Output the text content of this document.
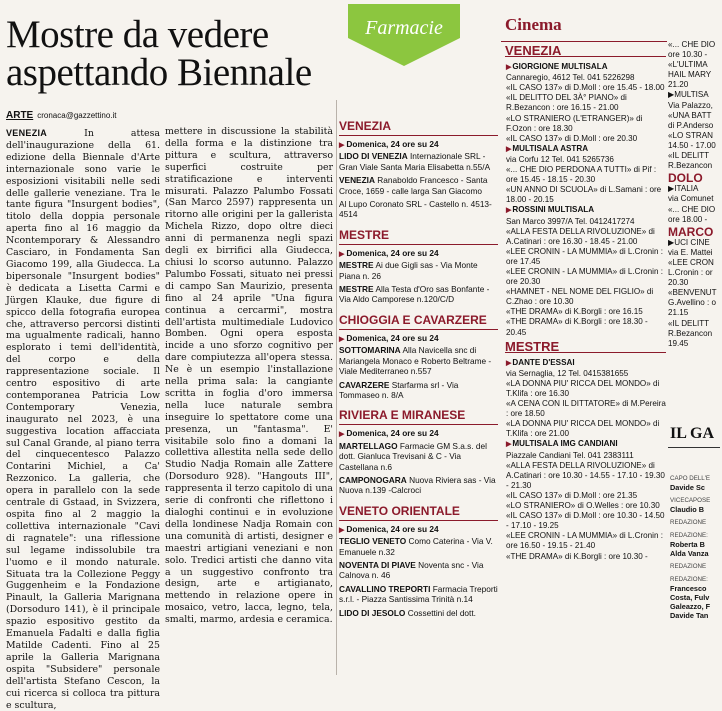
Mostre da vedere aspettando Biennale
ARTE cronaca@gazzettino.it
VENEZIA	In attesa dell'inaugurazione della 61. edizione della Biennale d'Arte internazionale sono varie le esposizioni visitabili nelle sedi delle gallerie veneziane. Tra le tante figura "Insurgent bodies", titolo della doppia personale aperta fino al 16 maggio da Ncontemporary & Alessandro Casciaro, in Fondamenta San Giacomo 199, alla Giudecca. La bipersonale "Insurgent bodies" è dedicata a Lisetta Carmi e Jürgen Klauke, due figure di spicco della fotografia europea che, attraverso percorsi distinti ma ugualmente radicali, hanno esplorato i temi dell'identità, del corpo e della rappresentazione sociale. Il centro espositivo di arte contemporanea Patricia Low Contemporary Venezia, inaugurato nel 2023, è una suggestiva location affacciata sul Canal Grande, al piano terra del cinquecentesco Palazzo Contarini Michiel, a Ca' Rezzonico. La galleria, che opera in parallelo con la sede centrale di Gstaad, in Svizzera, ospita fino al 2 maggio la collettiva internazionale "Cavi di ragnatele": una riflessione sul legame indissolubile tra l'uomo e il mondo naturale. Situata tra la Collezione Peggy Guggenheim e la Fondazione Pinault, la Galleria Marignana (Dorsoduro 141), è il principale spazio espositivo gestito da Emanuela Fadalti e dalla figlia Matilde Cadenti. Fino al 25 aprile la Galleria Marignana ospita "Subsidere" personale dell'artista Stefano Cescon, la cui ricerca si colloca tra pittura e scultura,
mettere in discussione la stabilità della forma e la distinzione tra pittura e scultura, attraverso superfici costruite per stratificazione e interventi misurati. Palazzo Palumbo Fossati (San Marco 2597) rappresenta un ritorno alle origini per la gallerista Michela Rizzo, dopo oltre dieci anni di permanenza negli spazi degli ex birrifici alla Giudecca, chiusi lo scorso autunno. Palazzo Palumbo Fossati, situato nei pressi di campo San Maurizio, presenta fino al 24 aprile "Una figura continua a cercarmi", mostra dell'artista multimediale Ludovico Bomben. Ogni opera esposta incide a uno sforzo cognitivo per dare compiutezza all'opera stessa. Ne è un esempio l'installazione nella prima sala: la cangiante scritta in foglia d'oro immersa nella luce naturale sembra inseguire lo spettatore come una presenza, un "fantasma". E' visitabile solo fino a domani la collettiva allestita nella sede dello Studio Nadja Romain alle Zattere (Dorsoduro 928). "Hangouts III", rappresenta il terzo capitolo di una serie di confronti che riflettono i dialoghi continui e in evoluzione della londinese Nadja Romain con una comunità di artisti, designer e maestri artigiani veneziani e non solo. Tredici artisti che danno vita a un suggestivo confronto tra design, arte e artigianato, mettendo in relazione opere in mosaico, vetro, lacca, legno, tela, smalti, marmo, ardesia e ceramica.
Farmacie
VENEZIA
▶ Domenica, 24 ore su 24

LIDO DI VENEZIA Internazionale SRL - Gran Viale Santa Maria Elisabetta n.55/A

VENEZIA Ranaboldo Francesco - Santa Croce, 1659 - calle larga San Giacomo

Al Lupo Coronato SRL - Castello n. 4513-4514

MESTRE
▶ Domenica, 24 ore su 24

MESTRE Ai due Gigli sas - Via Monte Piana n. 26

MESTRE Alla Testa d'Oro sas Bonfante - Via Aldo Camporese n.120/C/D

CHIOGGIA E CAVARZERE
▶ Domenica, 24 ore su 24

SOTTOMARINA Alla Navicella snc di Mariangela Monaco e Roberto Beltrame - Viale Mediterraneo n.557

CAVARZERE Starfarma srl - Via Tommaseo n. 8/A

RIVIERA E MIRANESE
▶ Domenica, 24 ore su 24

MARTELLAGO Farmacie GM S.a.s. del dott. Gianluca Trevisani & C - Via Castellana n.6

CAMPONOGARA Nuova Riviera sas - Via Nuova n.139 -Calcroci

VENETO ORIENTALE
▶ Domenica, 24 ore su 24

TEGLIO VENETO Como Caterina - Via V. Emanuele n.32

NOVENTA DI PIAVE Noventa snc - Via Calnova n. 46

CAVALLINO TREPORTI Farmacia Treporti s.r.l. - Piazza Santissima Trinità n.14

LIDO DI JESOLO Cossettini del dott.

Cinema
VENEZIA
▶ GIORGIONE MULTISALA
Cannaregio, 4612 Tel. 041 5226298
«IL CASO 137» di D.Moll : ore 15.45 - 18.00
«IL DELITTO DEL 3À° PIANO» di R.Bezancon : ore 16.15 - 21.00
«LO STRANIERO (L'ETRANGER)» di F.Ozon : ore 18.30
«IL CASO 137» di D.Moll : ore 20.30
▶ MULTISALA ASTRA
via Corfu 12 Tel. 041 5265736
«... CHE DIO PERDONA A TUTTI» di Pif : ore 15.45 - 18.15 - 20.30
«UN ANNO DI SCUOLA» di L.Samani : ore 18.00 - 20.15
▶ ROSSINI MULTISALA
San Marco 3997/A Tel. 0412417274
«ALLA FESTA DELLA RIVOLUZIONE» di A.Catinari : ore 16.30 - 18.45 - 21.00
«LEE CRONIN - LA MUMMIA» di L.Cronin : ore 17.45
«LEE CRONIN - LA MUMMIA» di L.Cronin : ore 20.30
«HAMNET - NEL NOME DEL FIGLIO» di C.Zhao : ore 10.30
«THE DRAMA» di K.Borgli : ore 16.15
«THE DRAMA» di K.Borgli : ore 18.30 - 20.45
MESTRE
▶ DANTE D'ESSAI
via Sernaglia, 12 Tel. 0415381655
«LA DONNA PIU' RICCA DEL MONDO» di T.Klifa : ore 16.30
«A CENA CON IL DITTATORE» di M.Pereira : ore 18.50
«LA DONNA PIU' RICCA DEL MONDO» di T.Klifa : ore 21.00
▶ MULTISALA IMG CANDIANI
Piazzale Candiani Tel. 041 2383111
«ALLA FESTA DELLA RIVOLUZIONE» di A.Catinari : ore 10.30 - 14.55 - 17.10 - 19.30 - 21.30
«IL CASO 137» di D.Moll : ore 21.35
«LO STRANIERO» di O.Welles : ore 10.30
«IL CASO 137» di D.Moll : ore 10.30 - 14.50 - 17.10 - 19.25
«LEE CRONIN - LA MUMMIA» di L.Cronin : ore 16.50 - 19.15 - 21.40
«THE DRAMA» di K.Borgli : ore 10.30 -
«... CHE DIO
ore 10.30 -
«L'ULTIMA
HAIL MARY
21.20
▶MULTISA
Via Palazzo,
«UNA BATT
di P.Anderso
«LO STRAN
14.50 - 17.00
«IL DELITT
R.Bezancon
DOLO
▶ITALIA
via Comunet
«... CHE DIO
ore 18.00 -
MARCO
▶UCI CINE
via E. Mattei
«LEE CRON
L.Cronin : or
20.30
«BENVENUT
G.Avellino : o
21.15
«IL DELITT
R.Bezancon
19.45
IL GA
CAPO DELL'E
Davide Sc
VICECAPOSE
Claudio B
REDAZIONE
REDAZIONE:
Roberta B
Alda Vanza
REDAZIONE
REDAZIONE:
Francesco
Costa, Fulv
Galeazzo, F
Davide Tan
